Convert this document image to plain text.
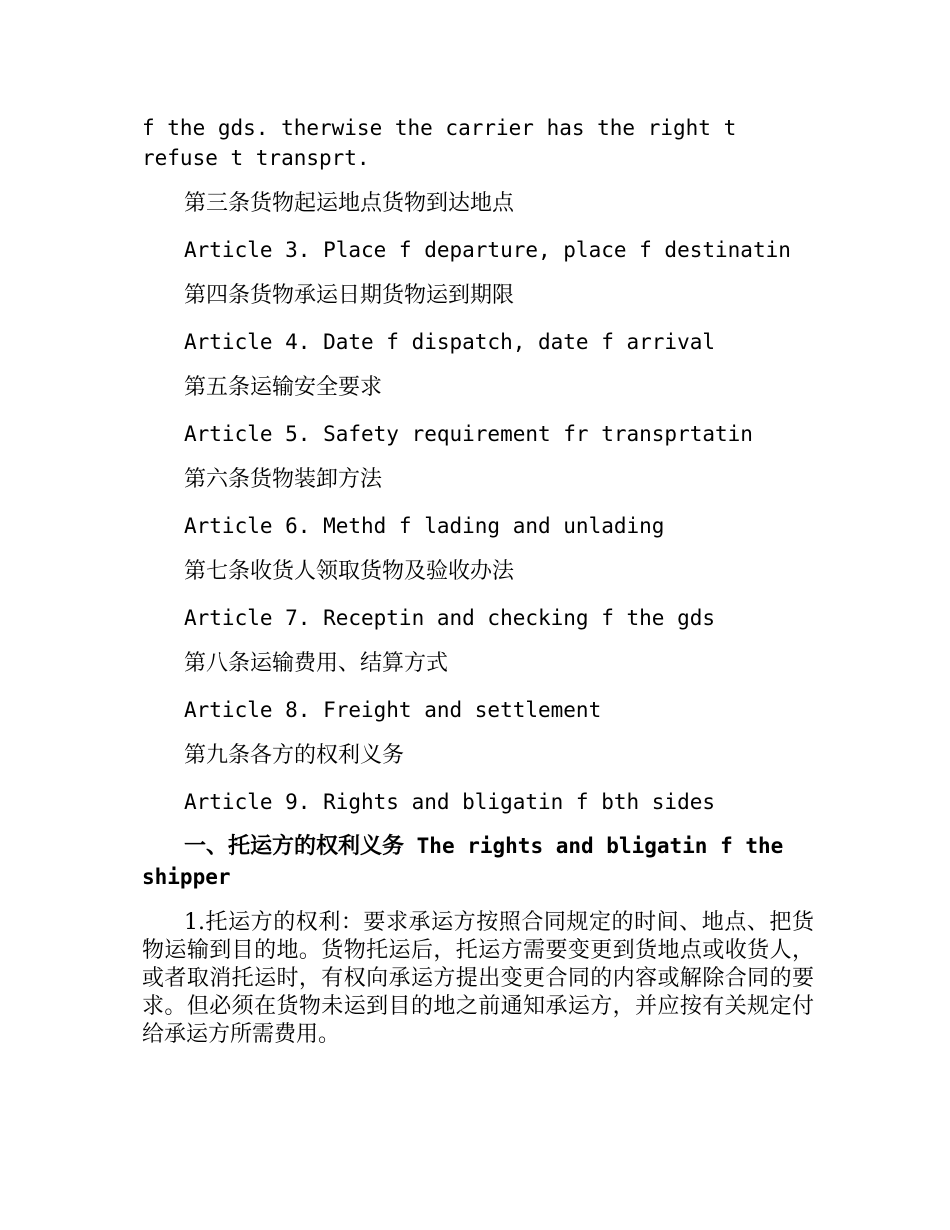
f the gds. therwise the carrier has the right t refuse t transprt.

第三条货物起运地点货物到达地点

Article 3. Place f departure, place f destinatin

第四条货物承运日期货物运到期限

Article 4. Date f dispatch, date f arrival

第五条运输安全要求

Article 5. Safety requirement fr transprtatin

第六条货物装卸方法

Article 6. Methd f lading and unlading

第七条收货人领取货物及验收办法

Article 7. Receptin and checking f the gds

第八条运输费用、结算方式

Article 8. Freight and settlement

第九条各方的权利义务

Article 9. Rights and bligatin f bth sides

一、托运方的权利义务 The rights and bligatin f the shipper

1.托运方的权利：要求承运方按照合同规定的时间、地点、把货物运输到目的地。货物托运后，托运方需要变更到货地点或收货人，或者取消托运时，有权向承运方提出变更合同的内容或解除合同的要求。但必须在货物未运到目的地之前通知承运方，并应按有关规定付给承运方所需费用。
